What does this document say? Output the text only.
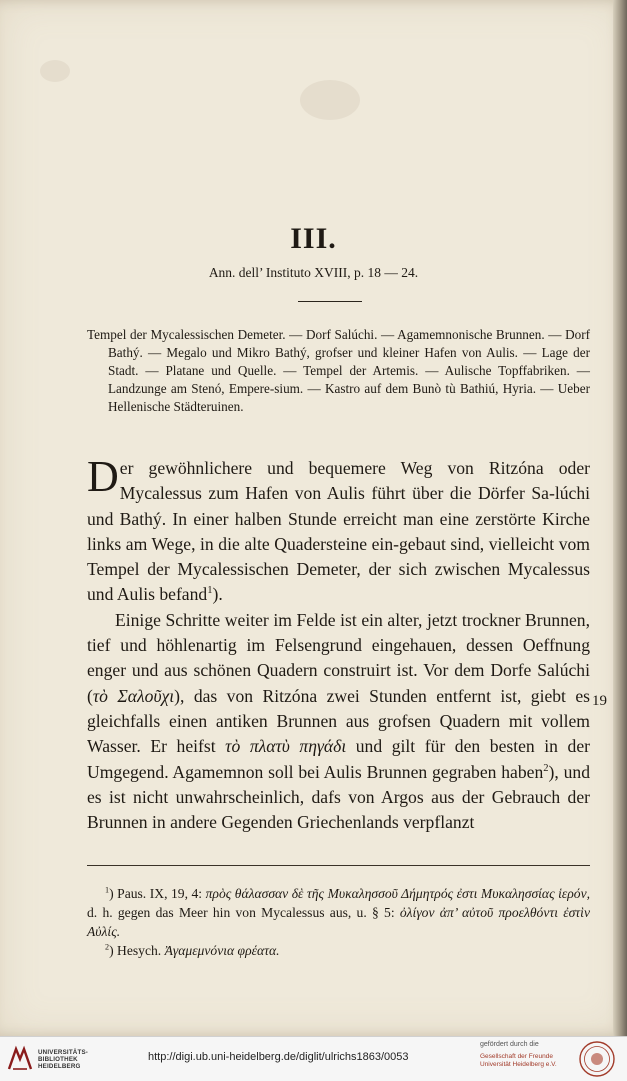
III.
Ann. dell’ Instituto XVIII, p. 18 — 24.

Tempel der Mycalessischen Demeter. — Dorf Salúchi. — Agamemnonische Brunnen. — Dorf Bathý. — Megalo und Mikro Bathý, grofser und kleiner Hafen von Aulis. — Lage der Stadt. — Platane und Quelle. — Tempel der Artemis. — Aulische Topffabriken. — Landzunge am Stenó, Empere-sium. — Kastro auf dem Bunò tù Bathiú, Hyria. — Ueber Hellenische Städteruinen.

Der gewöhnlichere und bequemere Weg von Ritzóna oder Mycalessus zum Hafen von Aulis führt über die Dörfer Sa-lúchi und Bathý. In einer halben Stunde erreicht man eine zerstörte Kirche links am Wege, in die alte Quadersteine ein-gebaut sind, vielleicht vom Tempel der Mycalessischen Demeter, der sich zwischen Mycalessus und Aulis befand$^1$).

Einige Schritte weiter im Felde ist ein alter, jetzt trockner Brunnen, tief und höhlenartig im Felsengrund eingehauen, dessen Oeffnung enger und aus schönen Quadern construirt ist. Vor dem Dorfe Salúchi (τὸ Σαλοῦχι), das von Ritzóna zwei Stunden entfernt ist, giebt es gleichfalls einen antiken Brunnen aus grofsen Quadern mit vollem Wasser. Er heifst τὸ πλατὺ πηγάδι und gilt für den besten in der Umgegend. Agamemnon soll bei Aulis Brunnen gegraben haben$^2$), und es ist nicht unwahrscheinlich, dafs von Argos aus der Gebrauch der Brunnen in andere Gegenden Griechenlands verpflanzt

19

$^1$) Paus. IX, 19, 4: πρὸς θάλασσαν δὲ τῆς Μυκαλησσοῦ Δήμητρός ἐστι Μυκαλησσίας ἱερόν, d. h. gegen das Meer hin von Mycalessus aus, u. § 5: ὀλίγον ἀπ’ αὐτοῦ προελθόντι ἐστὶν Αὐλίς.

$^2$) Hesych. Ἀγαμεμνόνια φρέατα.

UNIVERSITÄTS-
BIBLIOTHEK
HEIDELBERG
http://digi.ub.uni-heidelberg.de/diglit/ulrichs1863/0053
gefördert durch die
Gesellschaft der Freunde
Universität Heidelberg e.V.
